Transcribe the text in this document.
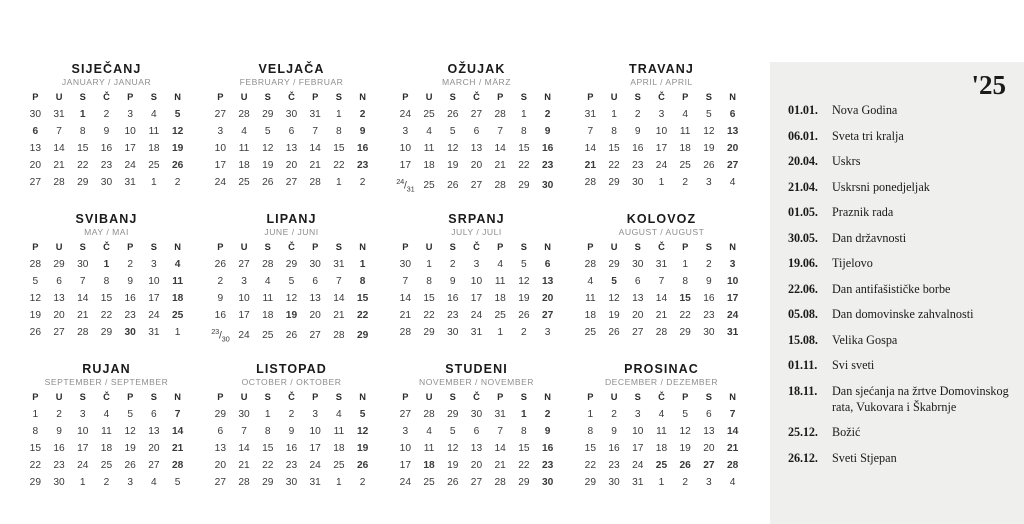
SIJEČANJ
JANUARY / JANUAR
P	U	S	Č	P	S	N
30	31	1	2	3	4	5
6	7	8	9	10	11	12
13	14	15	16	17	18	19
20	21	22	23	24	25	26
27	28	29	30	31	1	2
VELJAČA
FEBRUARY / FEBRUAR
P	U	S	Č	P	S	N
27	28	29	30	31	1	2
3	4	5	6	7	8	9
10	11	12	13	14	15	16
17	18	19	20	21	22	23
24	25	26	27	28	1	2
OŽUJAK
MARCH / MÄRZ
P	U	S	Č	P	S	N
24	25	26	27	28	1	2
3	4	5	6	7	8	9
10	11	12	13	14	15	16
17	18	19	20	21	22	23
$^{24}/_{31}$	25	26	27	28	29	30
TRAVANJ
APRIL / APRIL
P	U	S	Č	P	S	N
31	1	2	3	4	5	6
7	8	9	10	11	12	13
14	15	16	17	18	19	20
21	22	23	24	25	26	27
28	29	30	1	2	3	4
SVIBANJ
MAY / MAI
P	U	S	Č	P	S	N
28	29	30	1	2	3	4
5	6	7	8	9	10	11
12	13	14	15	16	17	18
19	20	21	22	23	24	25
26	27	28	29	30	31	1
LIPANJ
JUNE / JUNI
P	U	S	Č	P	S	N
26	27	28	29	30	31	1
2	3	4	5	6	7	8
9	10	11	12	13	14	15
16	17	18	19	20	21	22
$^{23}/_{30}$	24	25	26	27	28	29
SRPANJ
JULY / JULI
P	U	S	Č	P	S	N
30	1	2	3	4	5	6
7	8	9	10	11	12	13
14	15	16	17	18	19	20
21	22	23	24	25	26	27
28	29	30	31	1	2	3
KOLOVOZ
AUGUST / AUGUST
P	U	S	Č	P	S	N
28	29	30	31	1	2	3
4	5	6	7	8	9	10
11	12	13	14	15	16	17
18	19	20	21	22	23	24
25	26	27	28	29	30	31
RUJAN
SEPTEMBER / SEPTEMBER
P	U	S	Č	P	S	N
1	2	3	4	5	6	7
8	9	10	11	12	13	14
15	16	17	18	19	20	21
22	23	24	25	26	27	28
29	30	1	2	3	4	5
LISTOPAD
OCTOBER / OKTOBER
P	U	S	Č	P	S	N
29	30	1	2	3	4	5
6	7	8	9	10	11	12
13	14	15	16	17	18	19
20	21	22	23	24	25	26
27	28	29	30	31	1	2
STUDENI
NOVEMBER / NOVEMBER
P	U	S	Č	P	S	N
27	28	29	30	31	1	2
3	4	5	6	7	8	9
10	11	12	13	14	15	16
17	18	19	20	21	22	23
24	25	26	27	28	29	30
PROSINAC
DECEMBER / DEZEMBER
P	U	S	Č	P	S	N
1	2	3	4	5	6	7
8	9	10	11	12	13	14
15	16	17	18	19	20	21
22	23	24	25	26	27	28
29	30	31	1	2	3	4
'25
01.01.	Nova Godina
06.01.	Sveta tri kralja
20.04.	Uskrs
21.04.	Uskrsni ponedjeljak
01.05.	Praznik rada
30.05.	Dan državnosti
19.06.	Tijelovo
22.06.	Dan antifašističke borbe
05.08.	Dan domovinske zahvalnosti
15.08.	Velika Gospa
01.11.	Svi sveti
18.11.	Dan sjećanja na žrtve Domovinskog rata, Vukovara i Škabrnje
25.12.	Božić
26.12.	Sveti Stjepan
